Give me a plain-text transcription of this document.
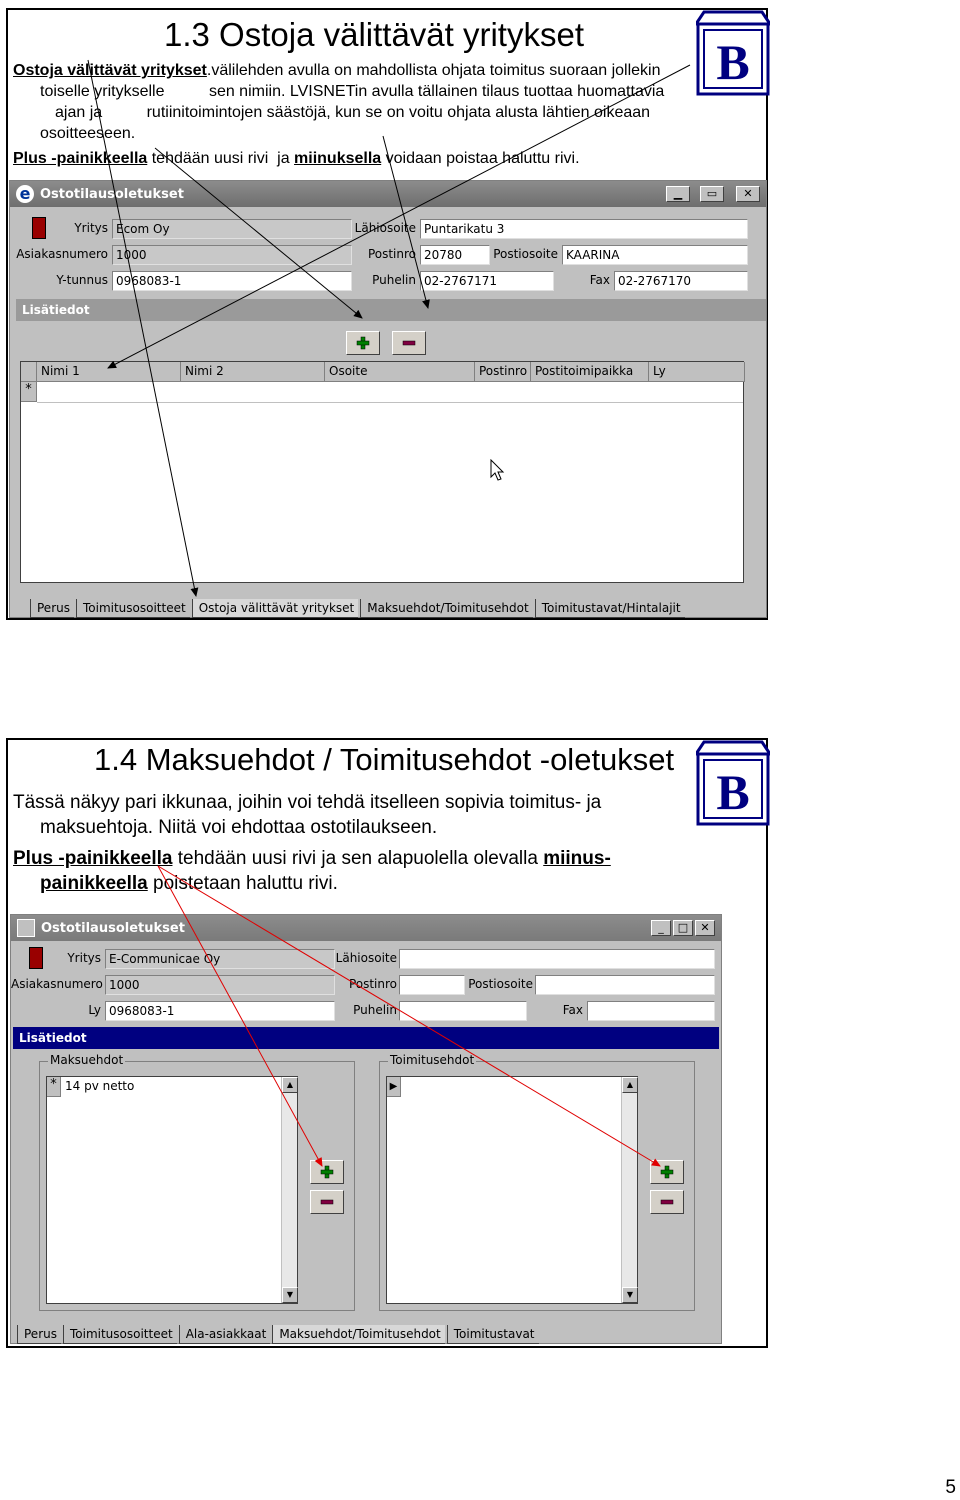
1.3 Ostoja välittävät yritykset	B
Ostoja välittävät yritykset.välilehden avulla on mahdollista ohjata toimitus suoraan jollekin
toiselle yritykselle          sen nimiin. LVISNETin avulla tällainen tilaus tuottaa huomattavia
ajan ja          rutiinitoimintojen säästöjä, kun se on voitu ohjata alusta lähtien oikeaan
osoitteeseen.
Plus -painikkeella tehdään uusi rivi  ja miinuksella voidaan poistaa haluttu rivi.
e Ostotilausoletukset	▁	▭	✕
Yritys Ecom Oy
Asiakasnumero 1000
Y-tunnus 0968083-1
Lähiosoite Puntarikatu 3
Postinro 20780	Postiosoite KAARINA
Puhelin 02-2767171	Fax 02-2767170
Lisätiedot
Nimi 1	Nimi 2	Osoite	Postinro Postitoimipaikka	Ly
*
Perus	Toimitusosoitteet	Ostoja välittävät yritykset	Maksuehdot/Toimitusehdot	Toimitustavat/Hintalajit
1.4 Maksuehdot / Toimitusehdot -oletukset
B
Tässä näkyy pari ikkunaa, joihin voi tehdä itselleen sopivia toimitus- ja
maksuehtoja. Niitä voi ehdottaa ostotilaukseen.
Plus -painikkeella tehdään uusi rivi ja sen alapuolella olevalla miinus-
painikkeella poistetaan haluttu rivi.
Ostotilausoletukset	_	□	✕
Yritys E-Communicae Oy
Asiakasnumero 1000
Ly 0968083-1
Lähiosoite
Postinro	Postiosoite
Puhelin	Fax
Lisätiedot
Maksuehdot
* 14 pv netto	▲
▼
Toimitusehdot
▶	▲
▼
Perus	Toimitusosoitteet	Ala-asiakkaat	Maksuehdot/Toimitusehdot	Toimitustavat
5
